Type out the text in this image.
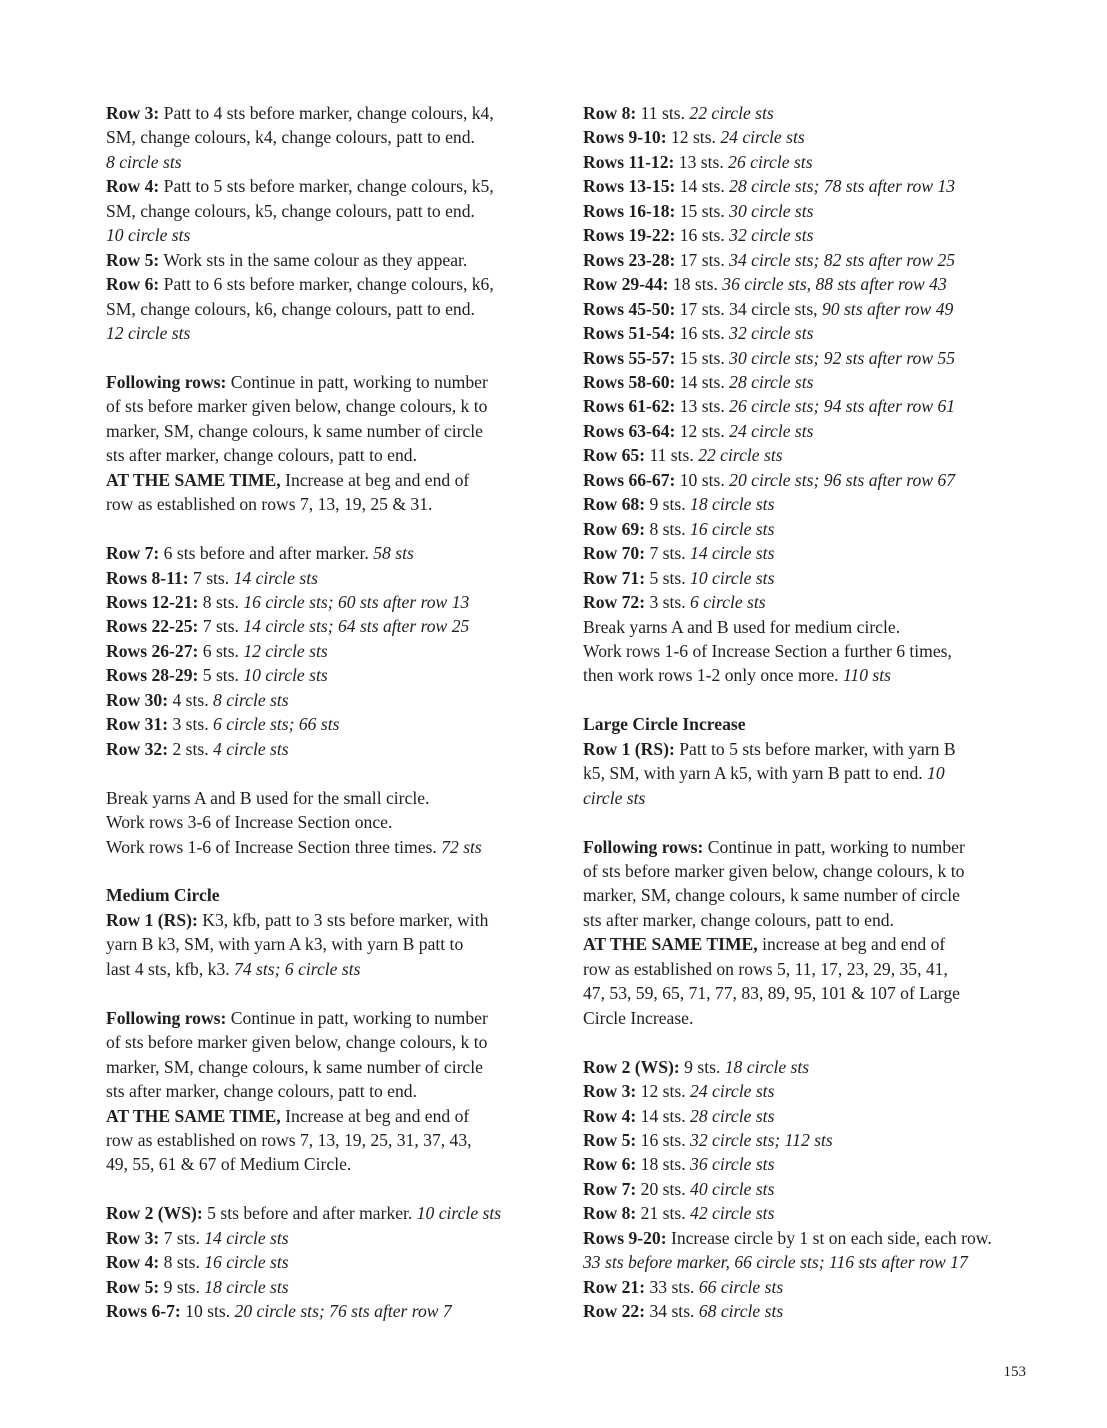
Row 3: Patt to 4 sts before marker, change colours, k4,
SM, change colours, k4, change colours, patt to end.
8 circle sts
Row 4: Patt to 5 sts before marker, change colours, k5,
SM, change colours, k5, change colours, patt to end.
10 circle sts
Row 5: Work sts in the same colour as they appear.
Row 6: Patt to 6 sts before marker, change colours, k6,
SM, change colours, k6, change colours, patt to end.
12 circle sts
Following rows: Continue in patt, working to number
of sts before marker given below, change colours, k to
marker, SM, change colours, k same number of circle
sts after marker, change colours, patt to end.
AT THE SAME TIME, Increase at beg and end of
row as established on rows 7, 13, 19, 25 & 31.
Row 7: 6 sts before and after marker. 58 sts
Rows 8-11: 7 sts. 14 circle sts
Rows 12-21: 8 sts. 16 circle sts; 60 sts after row 13
Rows 22-25: 7 sts. 14 circle sts; 64 sts after row 25
Rows 26-27: 6 sts. 12 circle sts
Rows 28-29: 5 sts. 10 circle sts
Row 30: 4 sts. 8 circle sts
Row 31: 3 sts. 6 circle sts; 66 sts
Row 32: 2 sts. 4 circle sts
Break yarns A and B used for the small circle.
Work rows 3-6 of Increase Section once.
Work rows 1-6 of Increase Section three times. 72 sts
Medium Circle
Row 1 (RS): K3, kfb, patt to 3 sts before marker, with
yarn B k3, SM, with yarn A k3, with yarn B patt to
last 4 sts, kfb, k3. 74 sts; 6 circle sts
Following rows: Continue in patt, working to number
of sts before marker given below, change colours, k to
marker, SM, change colours, k same number of circle
sts after marker, change colours, patt to end.
AT THE SAME TIME, Increase at beg and end of
row as established on rows 7, 13, 19, 25, 31, 37, 43,
49, 55, 61 & 67 of Medium Circle.
Row 2 (WS): 5 sts before and after marker. 10 circle sts
Row 3: 7 sts. 14 circle sts
Row 4: 8 sts. 16 circle sts
Row 5: 9 sts. 18 circle sts
Rows 6-7: 10 sts. 20 circle sts; 76 sts after row 7
Row 8: 11 sts. 22 circle sts
Rows 9-10: 12 sts. 24 circle sts
Rows 11-12: 13 sts. 26 circle sts
Rows 13-15: 14 sts. 28 circle sts; 78 sts after row 13
Rows 16-18: 15 sts. 30 circle sts
Rows 19-22: 16 sts. 32 circle sts
Rows 23-28: 17 sts. 34 circle sts; 82 sts after row 25
Row 29-44: 18 sts. 36 circle sts, 88 sts after row 43
Rows 45-50: 17 sts. 34 circle sts, 90 sts after row 49
Rows 51-54: 16 sts. 32 circle sts
Rows 55-57: 15 sts. 30 circle sts; 92 sts after row 55
Rows 58-60: 14 sts. 28 circle sts
Rows 61-62: 13 sts. 26 circle sts; 94 sts after row 61
Rows 63-64: 12 sts. 24 circle sts
Row 65: 11 sts. 22 circle sts
Rows 66-67: 10 sts. 20 circle sts; 96 sts after row 67
Row 68: 9 sts. 18 circle sts
Row 69: 8 sts. 16 circle sts
Row 70: 7 sts. 14 circle sts
Row 71: 5 sts. 10 circle sts
Row 72: 3 sts. 6 circle sts
Break yarns A and B used for medium circle.
Work rows 1-6 of Increase Section a further 6 times,
then work rows 1-2 only once more. 110 sts
Large Circle Increase
Row 1 (RS): Patt to 5 sts before marker, with yarn B
k5, SM, with yarn A k5, with yarn B patt to end. 10
circle sts
Following rows: Continue in patt, working to number
of sts before marker given below, change colours, k to
marker, SM, change colours, k same number of circle
sts after marker, change colours, patt to end.
AT THE SAME TIME, increase at beg and end of
row as established on rows 5, 11, 17, 23, 29, 35, 41,
47, 53, 59, 65, 71, 77, 83, 89, 95, 101 & 107 of Large
Circle Increase.
Row 2 (WS): 9 sts. 18 circle sts
Row 3: 12 sts. 24 circle sts
Row 4: 14 sts. 28 circle sts
Row 5: 16 sts. 32 circle sts; 112 sts
Row 6: 18 sts. 36 circle sts
Row 7: 20 sts. 40 circle sts
Row 8: 21 sts. 42 circle sts
Rows 9-20: Increase circle by 1 st on each side, each row.
33 sts before marker, 66 circle sts; 116 sts after row 17
Row 21: 33 sts. 66 circle sts
Row 22: 34 sts. 68 circle sts
153
